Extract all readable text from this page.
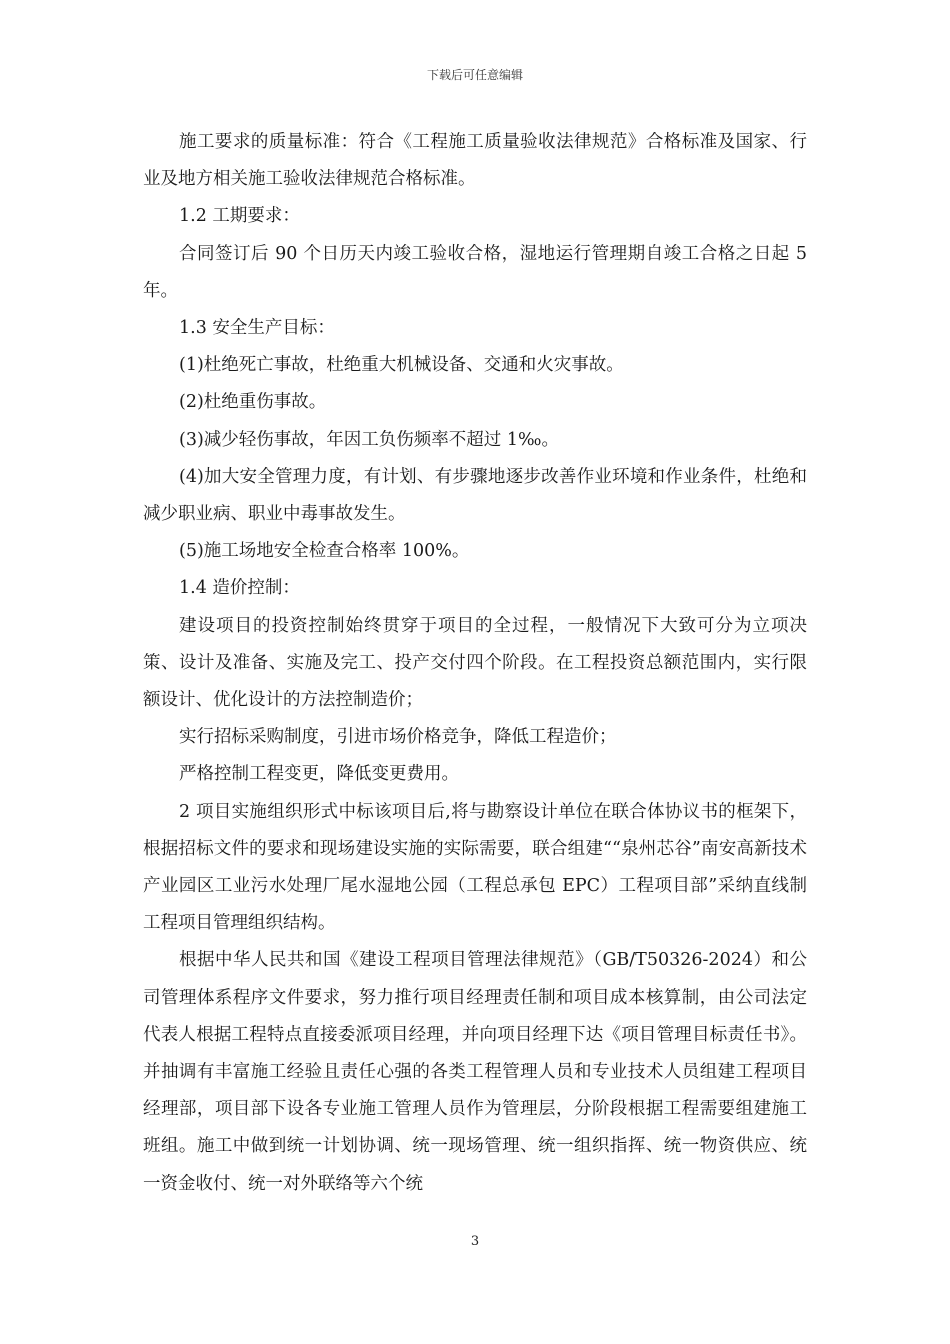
下载后可任意编辑

施工要求的质量标准：符合《工程施工质量验收法律规范》合格标准及国家、行业及地方相关施工验收法律规范合格标准。

1.2 工期要求：

合同签订后 90 个日历天内竣工验收合格，湿地运行管理期自竣工合格之日起 5 年。

1.3 安全生产目标：

(1)杜绝死亡事故，杜绝重大机械设备、交通和火灾事故。

(2)杜绝重伤事故。

(3)减少轻伤事故，年因工负伤频率不超过 1‰。

(4)加大安全管理力度，有计划、有步骤地逐步改善作业环境和作业条件，杜绝和减少职业病、职业中毒事故发生。

(5)施工场地安全检查合格率 100%。

1.4 造价控制：

建设项目的投资控制始终贯穿于项目的全过程，一般情况下大致可分为立项决策、设计及准备、实施及完工、投产交付四个阶段。在工程投资总额范围内，实行限额设计、优化设计的方法控制造价；

实行招标采购制度，引进市场价格竞争，降低工程造价；

严格控制工程变更，降低变更费用。

2 项目实施组织形式中标该项目后,将与勘察设计单位在联合体协议书的框架下，根据招标文件的要求和现场建设实施的实际需要，联合组建““泉州芯谷”南安高新技术产业园区工业污水处理厂尾水湿地公园（工程总承包 EPC）工程项目部”采纳直线制工程项目管理组织结构。

根据中华人民共和国《建设工程项目管理法律规范》（GB/T50326-2024）和公司管理体系程序文件要求，努力推行项目经理责任制和项目成本核算制，由公司法定代表人根据工程特点直接委派项目经理，并向项目经理下达《项目管理目标责任书》。并抽调有丰富施工经验且责任心强的各类工程管理人员和专业技术人员组建工程项目经理部，项目部下设各专业施工管理人员作为管理层，分阶段根据工程需要组建施工班组。施工中做到统一计划协调、统一现场管理、统一组织指挥、统一物资供应、统一资金收付、统一对外联络等六个统

3
